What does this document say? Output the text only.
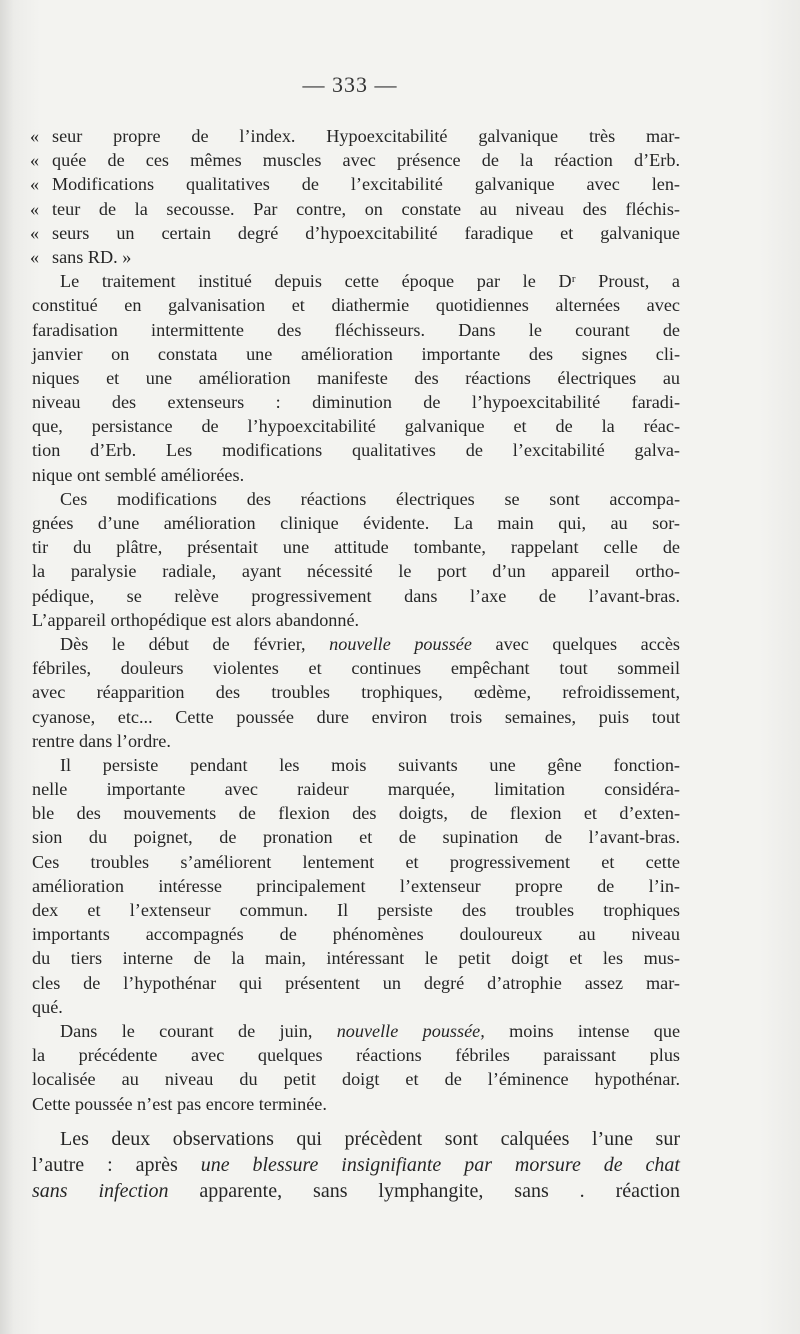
— 333 —
« seur propre de l’index. Hypoexcitabilité galvanique très mar-
« quée de ces mêmes muscles avec présence de la réaction d’Erb.
« Modifications qualitatives de l’excitabilité galvanique avec len-
« teur de la secousse. Par contre, on constate au niveau des fléchis-
« seurs un certain degré d’hypoexcitabilité faradique et galvanique
« sans RD. »
Le traitement institué depuis cette époque par le Dʳ Proust, a
constitué en galvanisation et diathermie quotidiennes alternées avec
faradisation intermittente des fléchisseurs. Dans le courant de
janvier on constata une amélioration importante des signes cli-
niques et une amélioration manifeste des réactions électriques au
niveau des extenseurs : diminution de l’hypoexcitabilité faradi-
que, persistance de l’hypoexcitabilité galvanique et de la réac-
tion d’Erb. Les modifications qualitatives de l’excitabilité galva-
nique ont semblé améliorées.
Ces modifications des réactions électriques se sont accompa-
gnées d’une amélioration clinique évidente. La main qui, au sor-
tir du plâtre, présentait une attitude tombante, rappelant celle de
la paralysie radiale, ayant nécessité le port d’un appareil ortho-
pédique, se relève progressivement dans l’axe de l’avant-bras.
L’appareil orthopédique est alors abandonné.
Dès le début de février, nouvelle poussée avec quelques accès
fébriles, douleurs violentes et continues empêchant tout sommeil
avec réapparition des troubles trophiques, œdème, refroidissement,
cyanose, etc... Cette poussée dure environ trois semaines, puis tout
rentre dans l’ordre.
Il persiste pendant les mois suivants une gêne fonction-
nelle importante avec raideur marquée, limitation considéra-
ble des mouvements de flexion des doigts, de flexion et d’exten-
sion du poignet, de pronation et de supination de l’avant-bras.
Ces troubles s’améliorent lentement et progressivement et cette
amélioration intéresse principalement l’extenseur propre de l’in-
dex et l’extenseur commun. Il persiste des troubles trophiques
importants accompagnés de phénomènes douloureux au niveau
du tiers interne de la main, intéressant le petit doigt et les mus-
cles de l’hypothénar qui présentent un degré d’atrophie assez mar-
qué.
Dans le courant de juin, nouvelle poussée, moins intense que
la précédente avec quelques réactions fébriles paraissant plus
localisée au niveau du petit doigt et de l’éminence hypothénar.
Cette poussée n’est pas encore terminée.
Les deux observations qui précèdent sont calquées l’une sur
l’autre : après une blessure insignifiante par morsure de chat
sans infection apparente, sans lymphangite, sans . réaction
